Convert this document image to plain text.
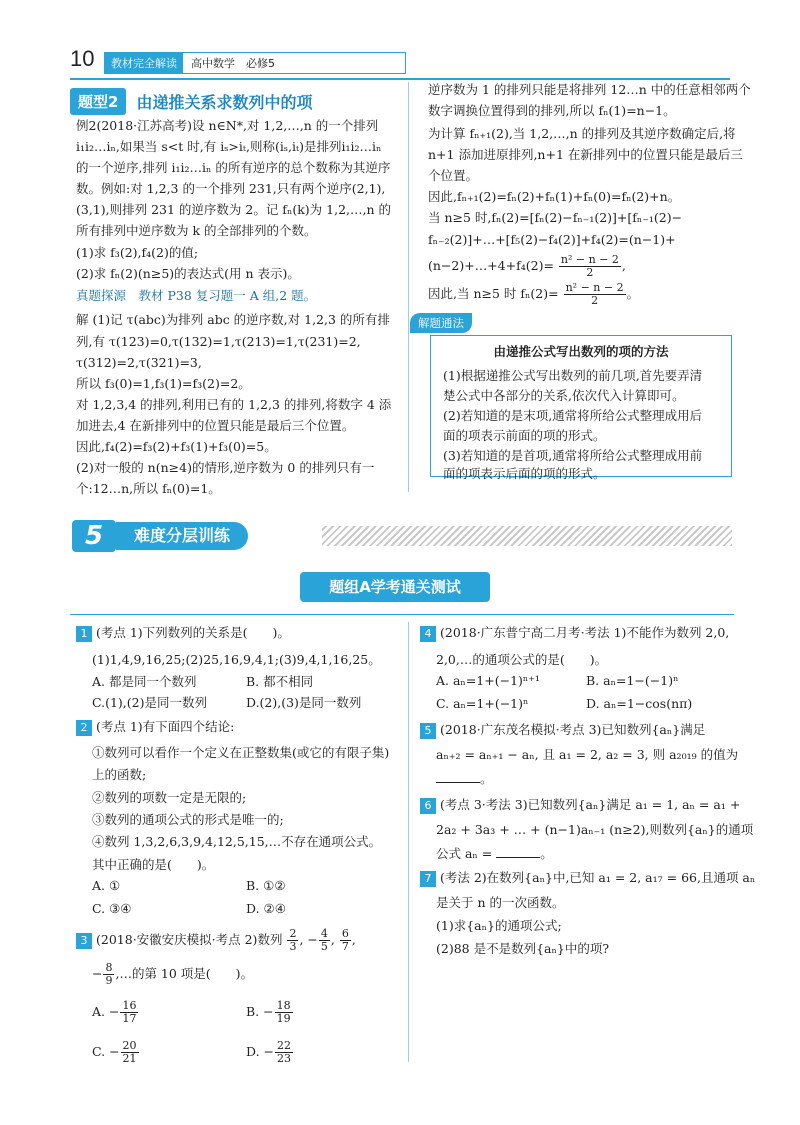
10	教材完全解读	高中数学　必修5
题型2	由递推关系求数列中的项
例2(2018·江苏高考)设 n∈N*,对 1,2,…,n 的一个排列
i₁i₂…iₙ,如果当 s<t 时,有 iₛ>iₜ,则称(iₛ,iₜ)是排列i₁i₂…iₙ
的一个逆序,排列 i₁i₂…iₙ 的所有逆序的总个数称为其逆序
数。例如:对 1,2,3 的一个排列 231,只有两个逆序(2,1),
(3,1),则排列 231 的逆序数为 2。记 fₙ(k)为 1,2,…,n 的
所有排列中逆序数为 k 的全部排列的个数。
(1)求 f₃(2),f₄(2)的值;
(2)求 fₙ(2)(n≥5)的表达式(用 n 表示)。
真题探源　教材 P38 复习题一 A 组,2 题。
解 (1)记 τ(abc)为排列 abc 的逆序数,对 1,2,3 的所有排
列,有 τ(123)=0,τ(132)=1,τ(213)=1,τ(231)=2,
τ(312)=2,τ(321)=3,
所以 f₃(0)=1,f₃(1)=f₃(2)=2。
对 1,2,3,4 的排列,利用已有的 1,2,3 的排列,将数字 4 添
加进去,4 在新排列中的位置只能是最后三个位置。
因此,f₄(2)=f₃(2)+f₃(1)+f₃(0)=5。
(2)对一般的 n(n≥4)的情形,逆序数为 0 的排列只有一
个:12…n,所以 fₙ(0)=1。
逆序数为 1 的排列只能是将排列 12…n 中的任意相邻两个
数字调换位置得到的排列,所以 fₙ(1)=n−1。
为计算 fₙ₊₁(2),当 1,2,…,n 的排列及其逆序数确定后,将
n+1 添加进原排列,n+1 在新排列中的位置只能是最后三
个位置。
因此,fₙ₊₁(2)=fₙ(2)+fₙ(1)+fₙ(0)=fₙ(2)+n。
当 n≥5 时,fₙ(2)=[fₙ(2)−fₙ₋₁(2)]+[fₙ₋₁(2)−
fₙ₋₂(2)]+…+[f₅(2)−f₄(2)]+f₄(2)=(n−1)+
(n−2)+…+4+f₄(2)= $\frac{\text{n² − n − 2}}{2}$ ,
因此,当 n≥5 时 $f_n(2)= \frac{\text{n² − n − 2}}{2}$ 。
解题通法
由递推公式写出数列的项的方法
(1)根据递推公式写出数列的前几项,首先要弄清
楚公式中各部分的关系,依次代入计算即可。
(2)若知道的是末项,通常将所给公式整理成用后
面的项表示前面的项的形式。
(3)若知道的是首项,通常将所给公式整理成用前
面的项表示后面的项的形式。
5	难度分层训练
题组A学考通关测试
1 (考点 1)下列数列的关系是(　　)。
(1)1,4,9,16,25;(2)25,16,9,4,1;(3)9,4,1,16,25。
A. 都是同一个数列	B. 都不相同
C.(1),(2)是同一数列	D.(2),(3)是同一数列
2 (考点 1)有下面四个结论:
①数列可以看作一个定义在正整数集(或它的有限子集)
上的函数;
②数列的项数一定是无限的;
③数列的通项公式的形式是唯一的;
④数列 1,3,2,6,3,9,4,12,5,15,…不存在通项公式。
其中正确的是(　　)。
A. ①	B. ①②
C. ③④	D. ②④
3 (2018·安徽安庆模拟·考点 2)数列 $\frac{2}{3}$ , − $\frac{4}{5}$ , $\frac{6}{7}$ ,
− $\frac{8}{9}$ ,…的第 10 项是(　　)。
A. − $\frac{16}{17}$	B. − $\frac{18}{19}$
C. − $\frac{20}{21}$	D. − $\frac{22}{23}$
4 (2018·广东普宁高二月考·考法 1)不能作为数列 2,0,
2,0,…的通项公式的是(　　)。
A. aₙ=1+(−1)ⁿ⁺¹	B. aₙ=1−(−1)ⁿ
C. aₙ=1+(−1)ⁿ	D. aₙ=1−cos(nπ)
5 (2018·广东茂名模拟·考点 3)已知数列{aₙ}满足
aₙ₊₂ = aₙ₊₁ − aₙ, 且 a₁ = 2, a₂ = 3, 则 a₂₀₁₉ 的值为
。
6 (考点 3·考法 3)已知数列{aₙ}满足 a₁ = 1, aₙ = a₁ +
2a₂ + 3a₃ + … + (n−1)aₙ₋₁ (n≥2),则数列{aₙ}的通项
公式 aₙ =	。
7 (考法 2)在数列{aₙ}中,已知 a₁ = 2, a₁₇ = 66,且通项 aₙ
是关于 n 的一次函数。
(1)求{aₙ}的通项公式;
(2)88 是不是数列{aₙ}中的项?
